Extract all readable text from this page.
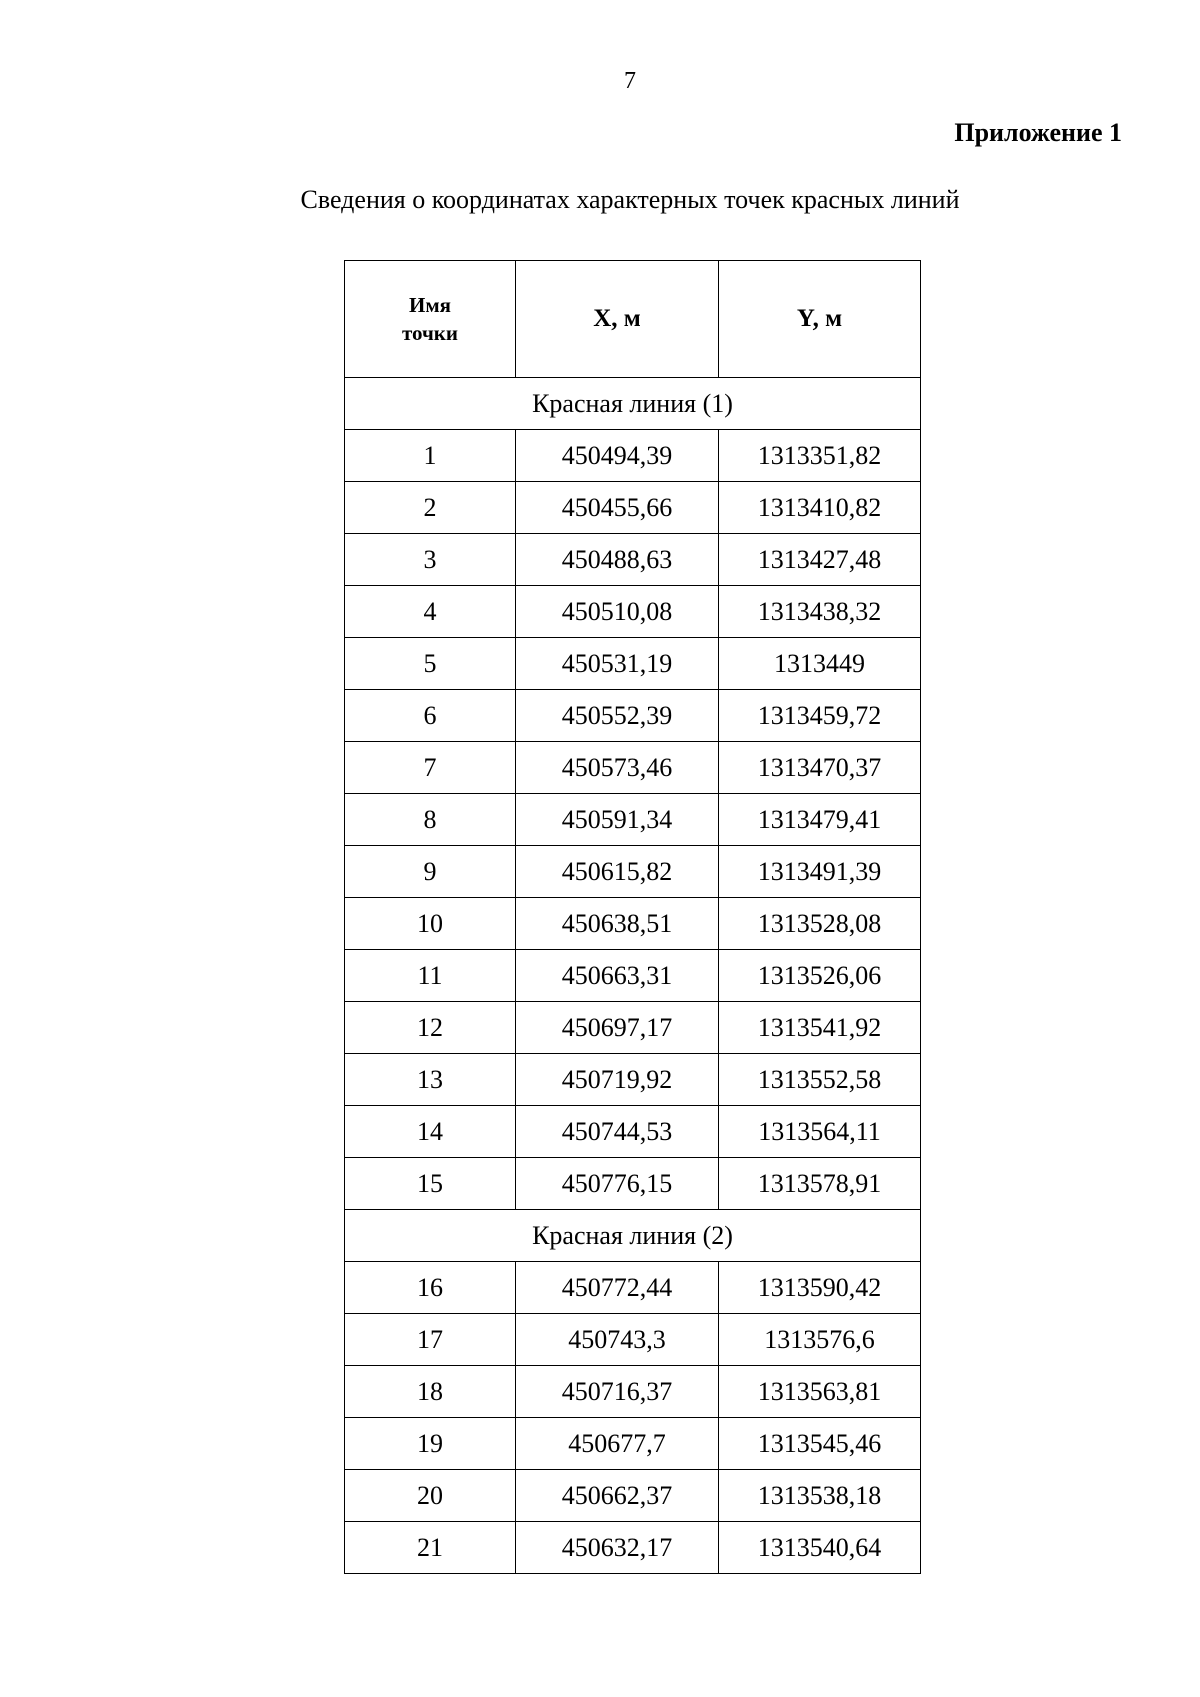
7
Приложение 1
Сведения о координатах характерных точек красных линий
Имя
точки	X, м	Y, м
Красная линия (1)		
1	450494,39	1313351,82
2	450455,66	1313410,82
3	450488,63	1313427,48
4	450510,08	1313438,32
5	450531,19	1313449
6	450552,39	1313459,72
7	450573,46	1313470,37
8	450591,34	1313479,41
9	450615,82	1313491,39
10	450638,51	1313528,08
11	450663,31	1313526,06
12	450697,17	1313541,92
13	450719,92	1313552,58
14	450744,53	1313564,11
15	450776,15	1313578,91
Красная линия (2)		
16	450772,44	1313590,42
17	450743,3	1313576,6
18	450716,37	1313563,81
19	450677,7	1313545,46
20	450662,37	1313538,18
21	450632,17	1313540,64
